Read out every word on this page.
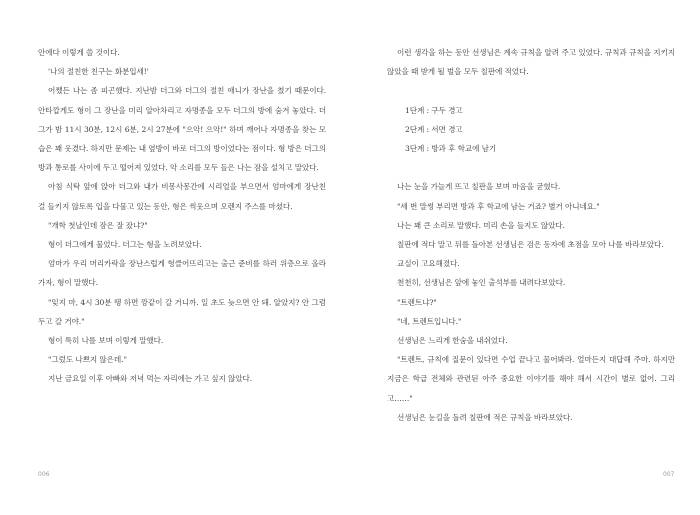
안에다 이렇게 쓸 것이다.

'나의 절친한 친구는 화분입세!'

어쨌든 나는 좀 피곤했다. 지난밤 더그와 더그의 절친 애니가 장난을 쳤기 때문이다. 안타깝게도 형이 그 장난을 미리 알아차리고 자명종을 모두 더그의 방에 숨겨 놓았다. 더그가 밤 11시 30분, 12시 6분, 2시 27분에 "으악! 으악!" 하며 깨어나 자명종을 찾는 모습은 꽤 웃겼다. 하지만 문제는 내 옆방이 바로 더그의 방이었다는 점이다. 형 방은 더그의 방과 통로를 사이에 두고 떨어져 있었다. 악 소리를 모두 들은 나는 잠을 설치고 말았다.

아침 식탁 앞에 앉아 더그와 내가 비몽사몽간에 시리얼을 부으면서 엄마에게 장난친 걸 들키지 않토록 입을 다물고 있는 동안, 형은 씩웃으며 오렌지 주스를 마셨다.

"개학 첫날인데 잠은 잘 잤냐?"

형이 더그에게 물었다. 더그는 형을 노려보았다.

엄마가 우리 머리카락을 장난스럽게 헝클어뜨리고는 출근 준비를 하러 위층으로 올라가자, 형이 말했다.

"잊지 마, 4시 30분 땡 하면 깡같이 갈 거니까. 일 초도 늦으면 안 돼. 알았지? 안 그럼 두고 갈 거야."

형이 특히 나를 보며 이렇게 말했다.

"그렀도 나쁘지 않은데."

지난 금요일 이후 아빠와 저녁 먹는 자리에는 가고 싶지 않았다.

006

이런 생각을 하는 동안 선생님은 계속 규칙을 알려 주고 있었다. 규칙과 규칙을 지키지 않았을 때 받게 될 벌을 모두 칠판에 적었다.

1단계 : 구두 경고

2단계 : 서면 경고

3단계 : 방과 후 학교에 남기

나는 눈을 가늘게 뜨고 칠판을 보며 마음을 굳혔다.

"세 번 말썽 부리면 방과 후 학교에 남는 거죠? 별거 아니네요."

나는 꽤 큰 소리로 말했다. 미리 손을 들지도 않았다.

칠판에 적다 말고 뒤를 돌아본 선생님은 검은 동자에 초점을 모아 나를 바라보았다.

교실이 고요해졌다.

천천히, 선생님은 앞에 놓인 출석부를 내려다보았다.

"트렌트냐?"

"네, 트렌트입니다."

선생님은 느리게 한숨을 내쉬었다.

"트렌트, 규칙에 질문이 있다면 수업 끝나고 물어봐라. 얼마든지 대답해 주마. 하지만 지금은 학급 전체와 관련된 아주 중요한 이야기를 해야 해서 시간이 별로 없어. 그리고……"

선생님은 눈길을 돌려 칠판에 적은 규칙을 바라보았다.

007
